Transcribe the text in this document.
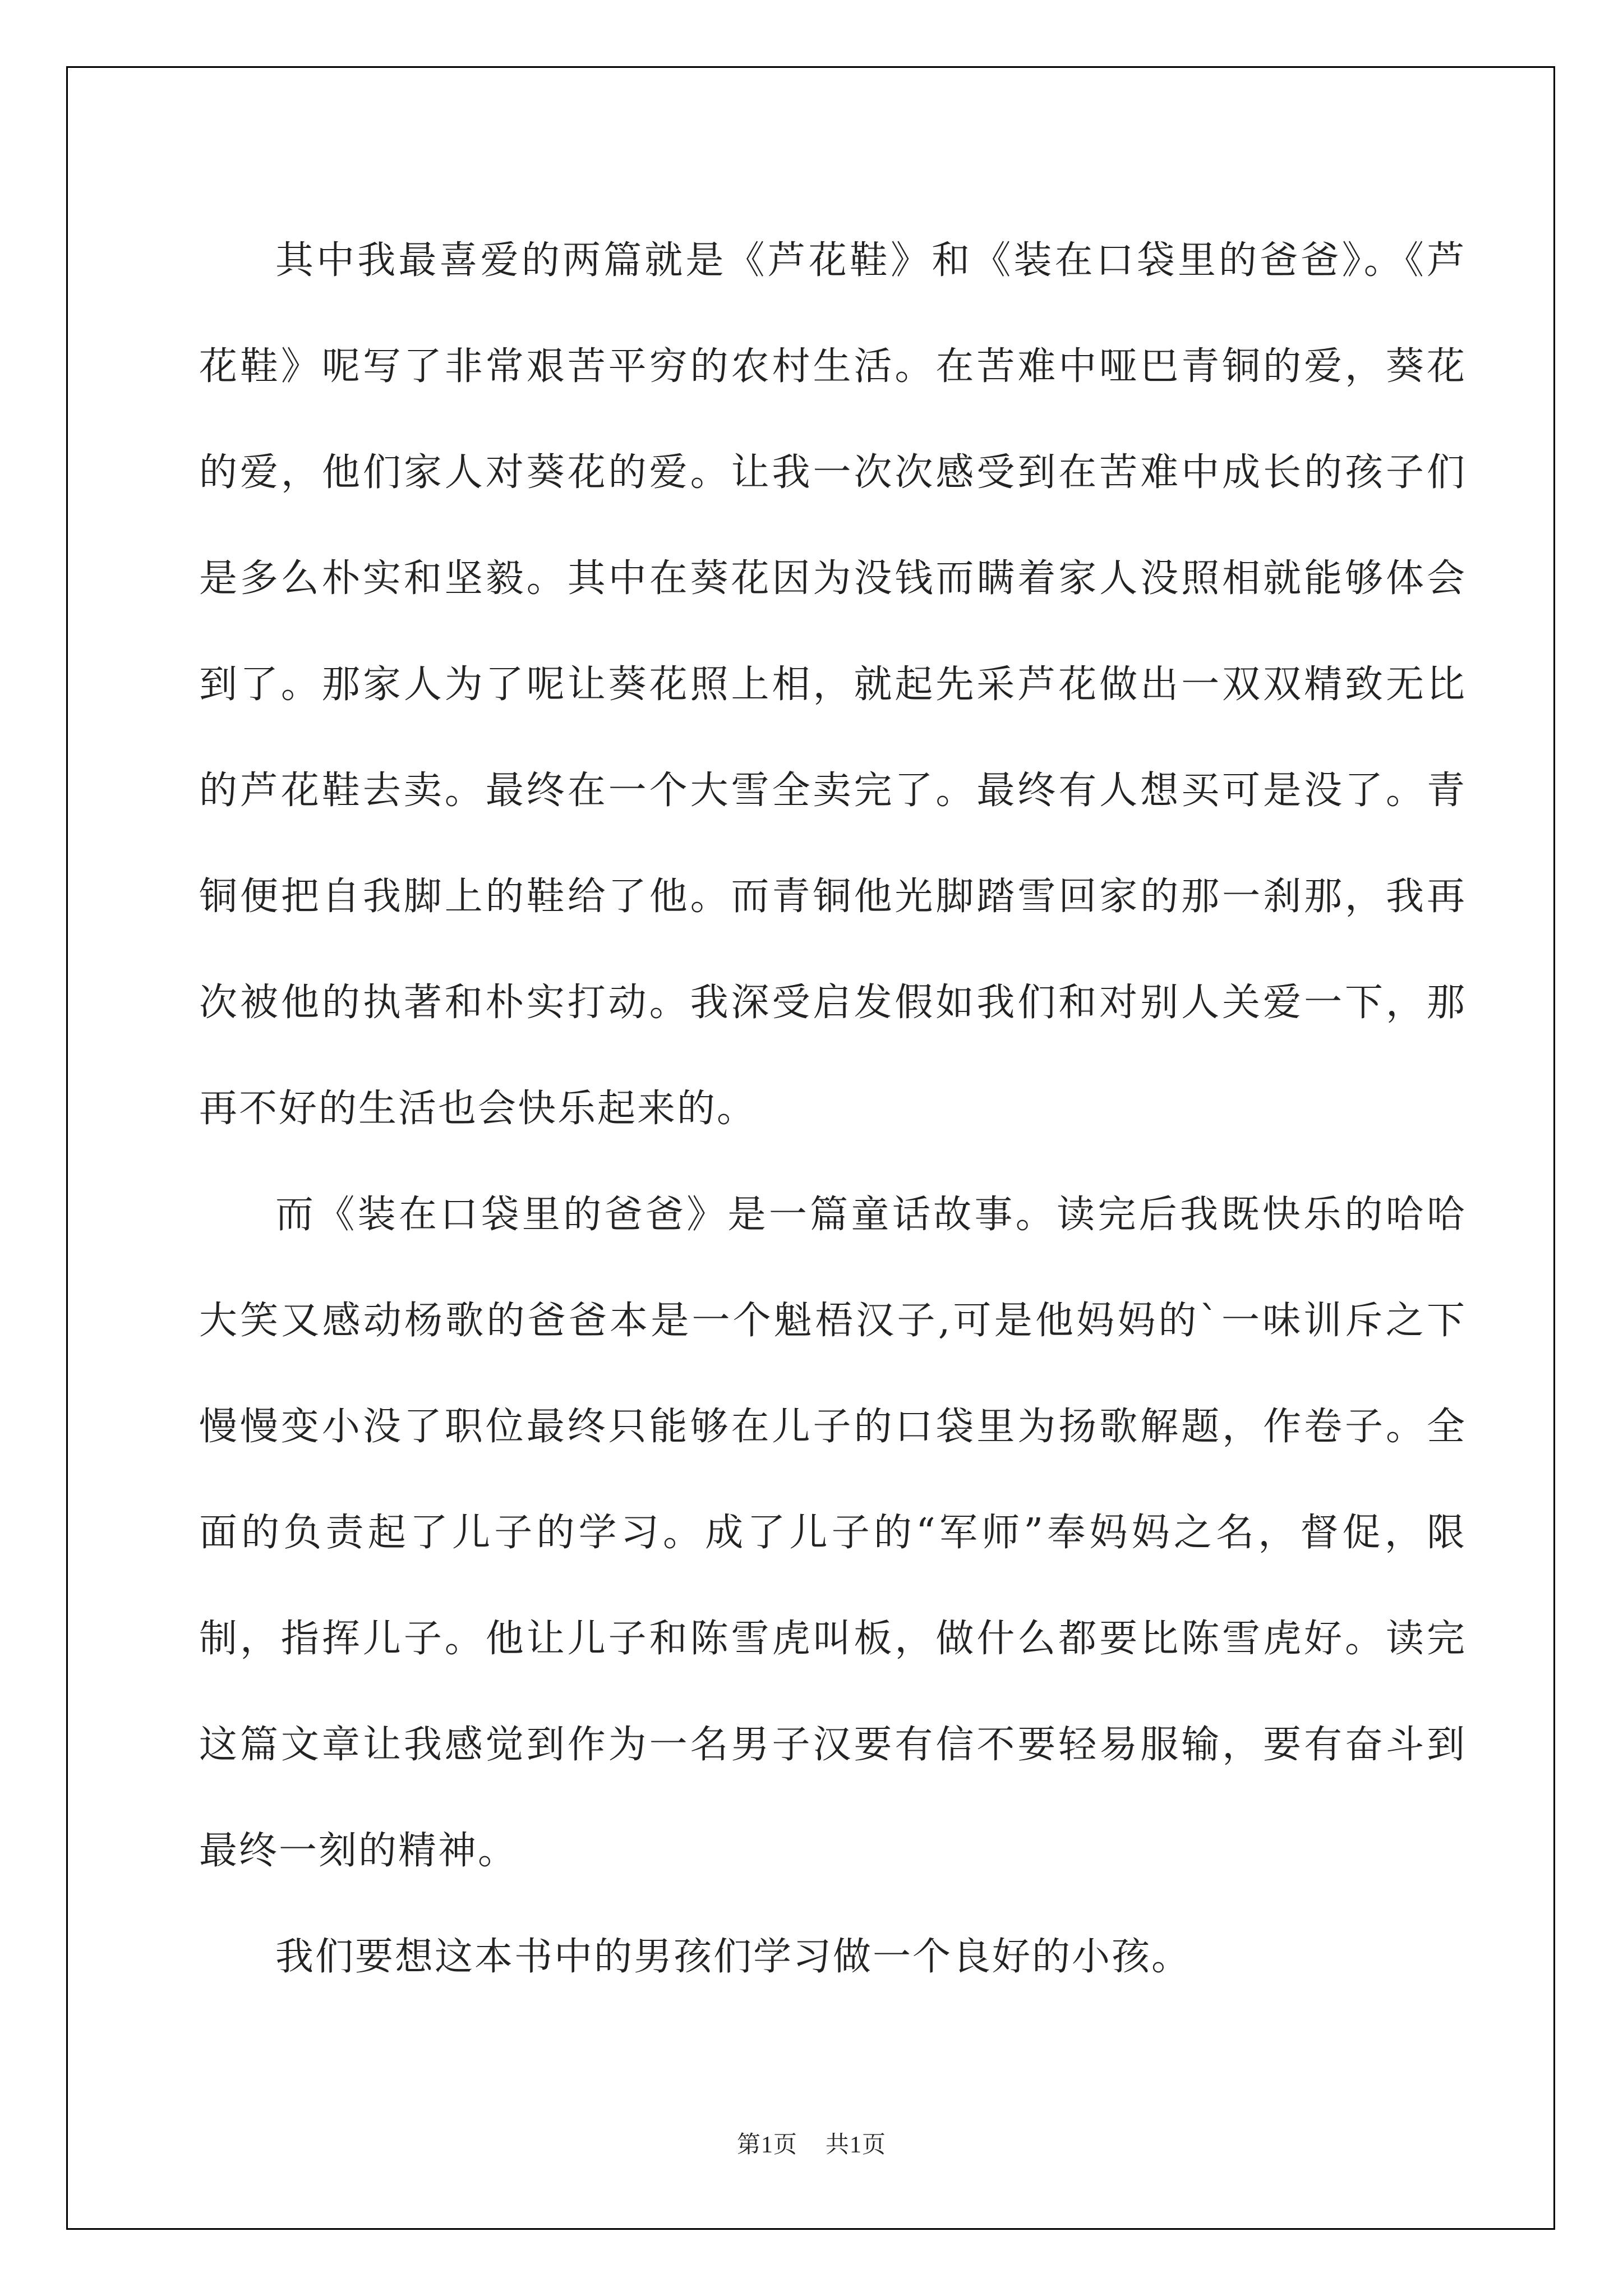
其中我最喜爱的两篇就是《芦花鞋》和《装在口袋里的爸爸》。《芦花鞋》呢写了非常艰苦平穷的农村生活。在苦难中哑巴青铜的爱，葵花的爱，他们家人对葵花的爱。让我一次次感受到在苦难中成长的孩子们是多么朴实和坚毅。其中在葵花因为没钱而瞒着家人没照相就能够体会到了。那家人为了呢让葵花照上相，就起先采芦花做出一双双精致无比的芦花鞋去卖。最终在一个大雪全卖完了。最终有人想买可是没了。青铜便把自我脚上的鞋给了他。而青铜他光脚踏雪回家的那一刹那，我再次被他的执著和朴实打动。我深受启发假如我们和对别人关爱一下，那再不好的生活也会快乐起来的。

而《装在口袋里的爸爸》是一篇童话故事。读完后我既快乐的哈哈大笑又感动杨歌的爸爸本是一个魁梧汉子,可是他妈妈的`一味训斥之下慢慢变小没了职位最终只能够在儿子的口袋里为扬歌解题，作卷子。全面的负责起了儿子的学习。成了儿子的“军师”奉妈妈之名，督促，限制，指挥儿子。他让儿子和陈雪虎叫板，做什么都要比陈雪虎好。读完这篇文章让我感觉到作为一名男子汉要有信不要轻易服输，要有奋斗到最终一刻的精神。

我们要想这本书中的男孩们学习做一个良好的小孩。

第1页 共1页
